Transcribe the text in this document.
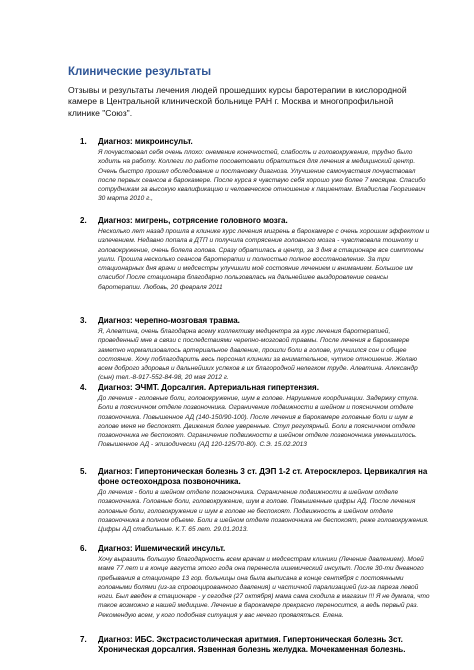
Клинические результаты
Отзывы и результаты лечения людей прошедших курсы баротерапии в кислородной камере в Центральной клинической больнице РАН г. Москва и многопрофильной клинике "Союз".
1.	Диагноз: микроинсульт.
Я почувствовал себя очень плохо: онемение конечностей, слабость и головокружение, трудно было ходить на работу. Коллеги по работе посоветовали обратиться для лечения в медицинский центр. Очень быстро прошел обследование и постановку диагноза. Улучшение самочувствия почувствовал после первых сеансов в барокамере. После курса я чувствую себя хорошо уже более 7 месяцев. Спасибо сотрудникам за высокую квалификацию и человеческое отношение к пациентам. Владислав Георгиевич 30 марта 2010 г.,
2.	Диагноз: мигрень, сотрясение головного мозга.
Несколько лет назад прошла в клинике курс лечения мигрень в барокамере с очень хорошим эффектом и излечением. Недавно попала в ДТП и получила сотрясение головного мозга - чувствовала тошноту и головокружение, очень болела голова. Сразу обратилась в центр, за 3 дня в стационаре все симптомы ушли. Прошла несколько сеансов баротерапии и полностью полное восстановление. За три стационарных дня врачи и медсестры улучшили моё состояние лечением и вниманием. Большое им спасибо! После стационара благодарно пользовалась на дальнейшее выздоровление сеансы баротерапии. Любовь, 20 февраля 2011
3.	Диагноз: черепно-мозговая травма.
Я, Алевтина, очень благодарна всему коллективу медцентра за курс лечения баротерапией, проведенный мне в связи с последствиями черепно-мозговой травмы. После лечения в барокамере заметно нормализовалось артериальное давление, прошли боли в голове, улучшился сон и общее состояние. Хочу поблагодарить весь персонал клиники за внимательное, чуткое отношение. Желаю всем доброго здоровья и дальнейших успехов в их благородной нелегком труде. Алевтина. Александр (сын) тел.-8-917-552-84-98, 20 мая 2012 г.
4.	Диагноз: ЭЧМТ. Дорсалгия. Артериальная гипертензия.
До лечения - головные боли, головокружение, шум в голове. Нарушение координации. Задержку стула. Боли в поясничном отделе позвоночника. Ограничение подвижности в шейном и поясничном отделе позвоночника. Повышенное АД (140-150/90-100). После лечения в барокамере головные боли и шум в голове меня не беспокоят. Движения более уверенные. Стул регулярный. Боли в поясничном отделе позвоночника не беспокоят. Ограничение подвижности в шейном отделе позвоночника уменьшилось. Повышенное АД - эпизодически (АД 120-125/70-80). С.Э. 15.02.2013
5.	Диагноз: Гипертоническая болезнь 3 ст. ДЭП 1-2 ст. Атеросклероз. Цервикалгия на фоне остеохондроза позвоночника.
До лечения - боли в шейном отделе позвоночника. Ограничение подвижности в шейном отделе позвоночника. Головные боли, головокружение, шум в голове. Повышенные цифры АД. После лечения головные боли, головокружение и шум в голове не беспокоят. Подвижность в шейном отделе позвоночника в полном объеме. Боли в шейном отделе позвоночника не беспокоят, реже головокружения. Цифры АД стабильные. К.Т. 65 лет. 29.01.2013.
6.	Диагноз: Ишемический инсульт.
Хочу выразить большую благодарность всем врачам и медсестрам клиники (Лечение давлением). Моей маме 77 лет и в конце августа этого года она перенесла ишемический инсульт. После 30-ти дневного пребывания в стационаре 13 гор. больницы она была выписана в конце сентября с постоянными головными болями (из-за спровоцированного давления) и частичной парализацией (из-за пареза левой ноги. Был введен в стационаре - у сегодня (27 октября) мама сама сходила в магазин !!! Я не думала, что такое возможно в нашей медицине. Лечение в барокамере прекрасно переносится, а ведь первый раз. Рекомендую всем, у кого подобная ситуация у вас нечего проявляться. Елена.
7.	Диагноз: ИБС. Экстрасистолическая аритмия. Гипертоническая болезнь 3ст. Хроническая дорсалгия. Язвенная болезнь желудка. Мочекаменная болезнь.
